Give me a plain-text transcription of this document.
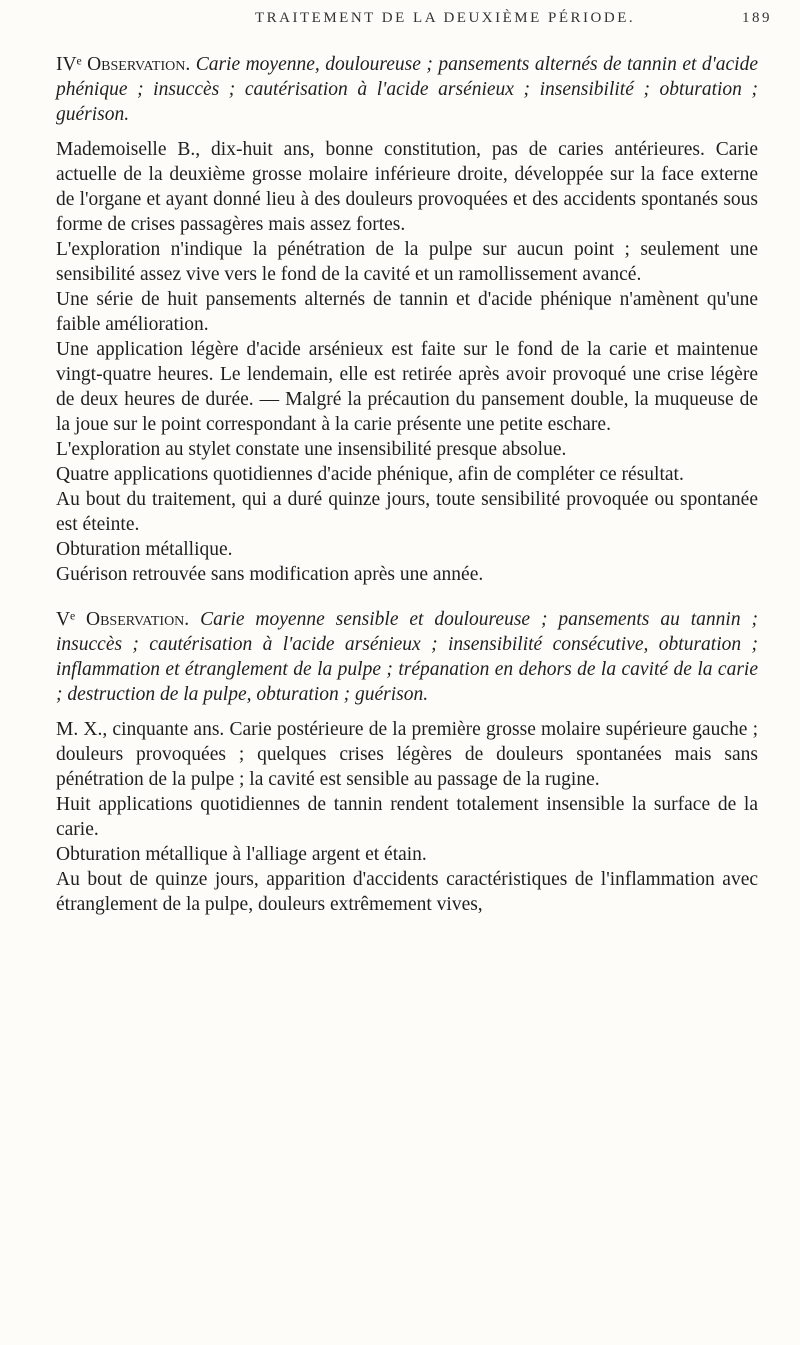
TRAITEMENT DE LA DEUXIÈME PÉRIODE.	189

IVᵉ Observation. Carie moyenne, douloureuse ; pansements alternés de tannin et d'acide phénique ; insuccès ; cautérisation à l'acide arsénieux ; insensibilité ; obturation ; guérison.

Mademoiselle B., dix-huit ans, bonne constitution, pas de caries antérieures. Carie actuelle de la deuxième grosse molaire inférieure droite, développée sur la face externe de l'organe et ayant donné lieu à des douleurs provoquées et des accidents spontanés sous forme de crises passagères mais assez fortes.

L'exploration n'indique la pénétration de la pulpe sur aucun point ; seulement une sensibilité assez vive vers le fond de la cavité et un ramollissement avancé.

Une série de huit pansements alternés de tannin et d'acide phénique n'amènent qu'une faible amélioration.

Une application légère d'acide arsénieux est faite sur le fond de la carie et maintenue vingt-quatre heures. Le lendemain, elle est retirée après avoir provoqué une crise légère de deux heures de durée. — Malgré la précaution du pansement double, la muqueuse de la joue sur le point correspondant à la carie présente une petite eschare.

L'exploration au stylet constate une insensibilité presque absolue.

Quatre applications quotidiennes d'acide phénique, afin de compléter ce résultat.

Au bout du traitement, qui a duré quinze jours, toute sensibilité provoquée ou spontanée est éteinte.

Obturation métallique.

Guérison retrouvée sans modification après une année.

Vᵉ Observation. Carie moyenne sensible et douloureuse ; pansements au tannin ; insuccès ; cautérisation à l'acide arsénieux ; insensibilité consécutive, obturation ; inflammation et étranglement de la pulpe ; trépanation en dehors de la cavité de la carie ; destruction de la pulpe, obturation ; guérison.

M. X., cinquante ans. Carie postérieure de la première grosse molaire supérieure gauche ; douleurs provoquées ; quelques crises légères de douleurs spontanées mais sans pénétration de la pulpe ; la cavité est sensible au passage de la rugine.

Huit applications quotidiennes de tannin rendent totalement insensible la surface de la carie.

Obturation métallique à l'alliage argent et étain.

Au bout de quinze jours, apparition d'accidents caractéristiques de l'inflammation avec étranglement de la pulpe, douleurs extrêmement vives,
